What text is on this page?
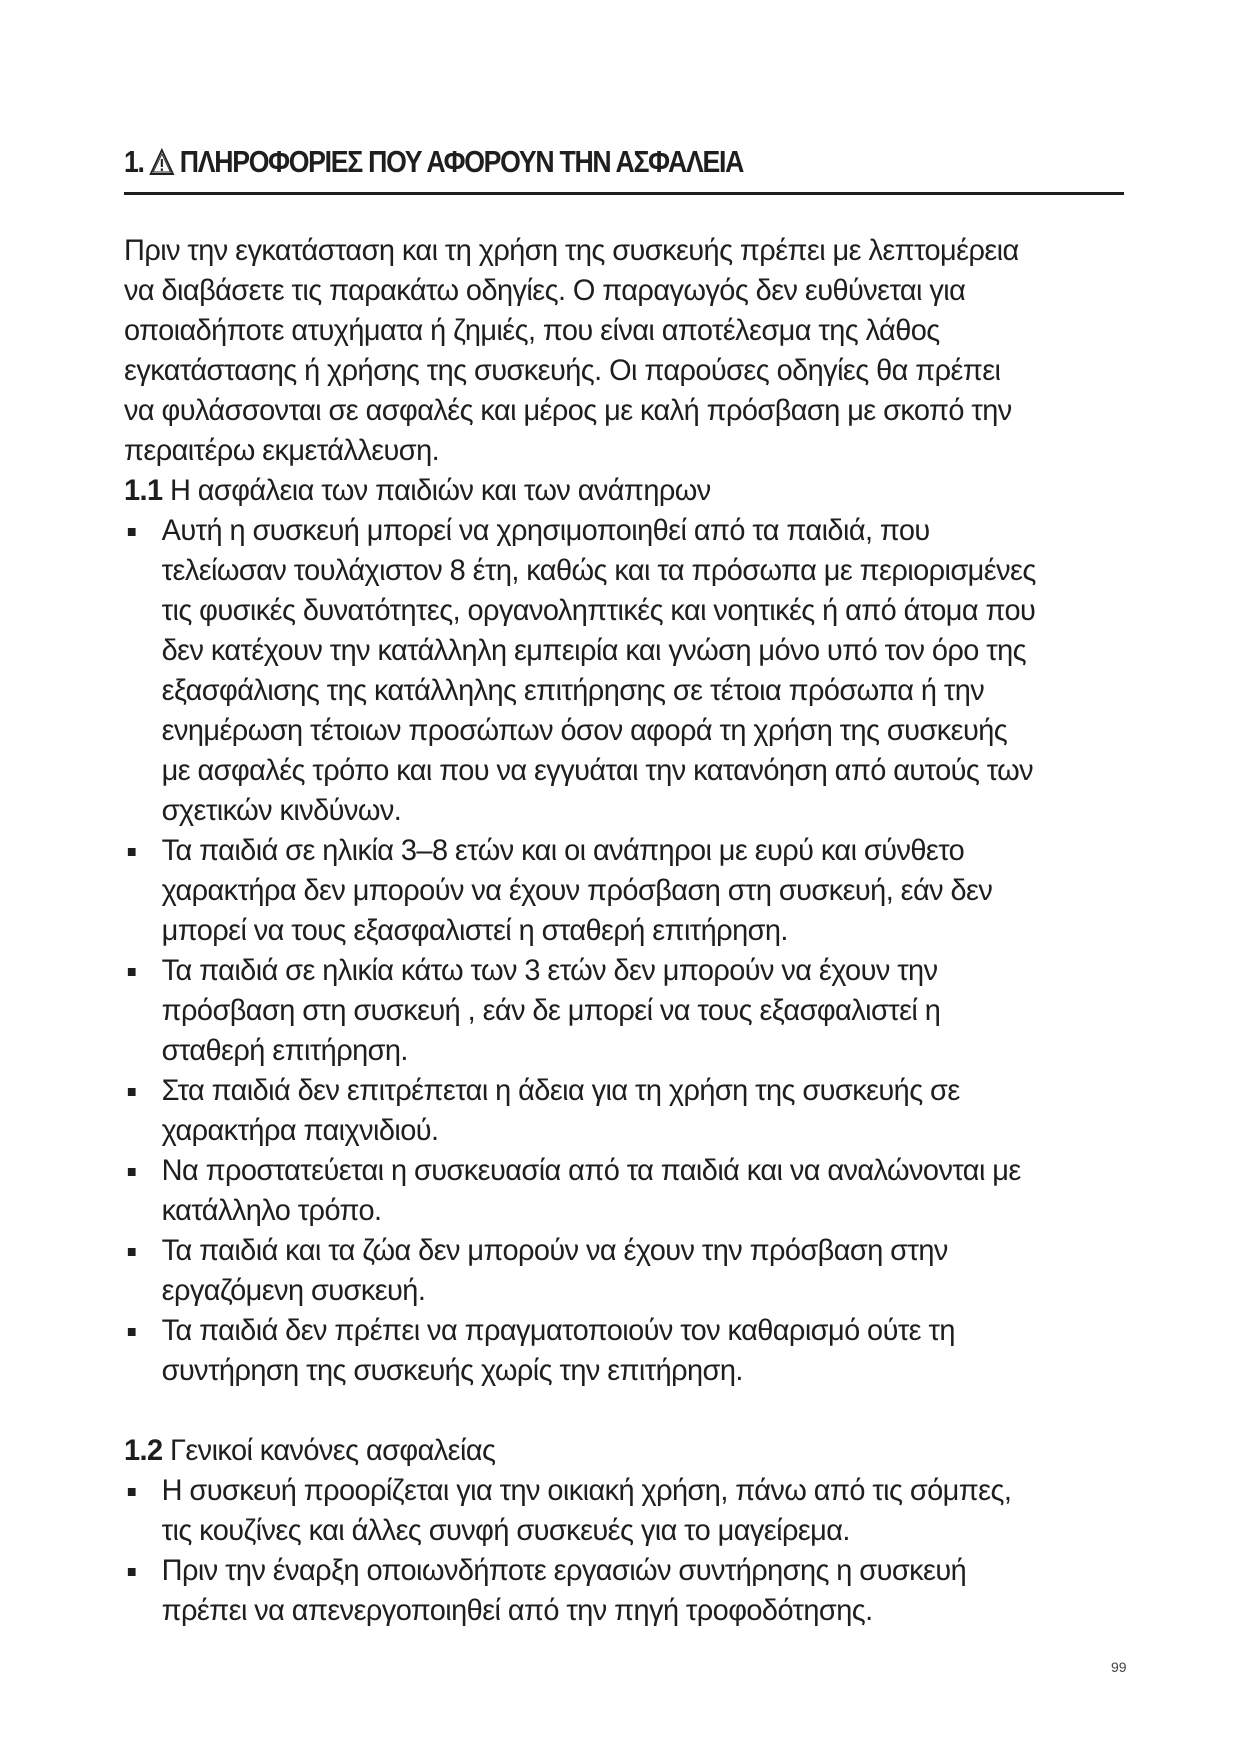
1. ΠΛΗΡΟΦΟΡΙΕΣ ΠΟΥ ΑΦΟΡΟΥΝ ΤΗΝ ΑΣΦΑΛΕΙΑ
Πριν την εγκατάσταση και τη χρήση της συσκευής πρέπει με λεπτομέρεια
να διαβάσετε τις παρακάτω οδηγίες. Ο παραγωγός δεν ευθύνεται για
οποιαδήποτε ατυχήματα ή ζημιές, που είναι αποτέλεσμα της λάθος
εγκατάστασης ή χρήσης της συσκευής. Οι παρούσες οδηγίες θα πρέπει
να φυλάσσονται σε ασφαλές και μέρος με καλή πρόσβαση με σκοπό την
περαιτέρω εκμετάλλευση.
1.1 Η ασφάλεια των παιδιών και των ανάπηρων
Αυτή η συσκευή μπορεί να χρησιμοποιηθεί από τα παιδιά, που
τελείωσαν τουλάχιστον 8 έτη, καθώς και τα πρόσωπα με περιορισμένες
τις φυσικές δυνατότητες, οργανοληπτικές και νοητικές ή από άτομα που
δεν κατέχουν την κατάλληλη εμπειρία και γνώση μόνο υπό τον όρο της
εξασφάλισης της κατάλληλης επιτήρησης σε τέτοια πρόσωπα ή την
ενημέρωση τέτοιων προσώπων όσον αφορά τη χρήση της συσκευής
με ασφαλές τρόπο και που να εγγυάται την κατανόηση από αυτούς των
σχετικών κινδύνων.
Τα παιδιά σε ηλικία 3–8 ετών και οι ανάπηροι με ευρύ και σύνθετο
χαρακτήρα δεν μπορούν να έχουν πρόσβαση στη συσκευή, εάν δεν
μπορεί να τους εξασφαλιστεί η σταθερή επιτήρηση.
Τα παιδιά σε ηλικία κάτω των 3 ετών δεν μπορούν να έχουν την
πρόσβαση στη συσκευή , εάν δε μπορεί να τους εξασφαλιστεί η
σταθερή επιτήρηση.
Στα παιδιά δεν επιτρέπεται η άδεια για τη χρήση της συσκευής σε
χαρακτήρα παιχνιδιού.
Να προστατεύεται η συσκευασία από τα παιδιά και να αναλώνονται με
κατάλληλο τρόπο.
Τα παιδιά και τα ζώα δεν μπορούν να έχουν την πρόσβαση στην
εργαζόμενη συσκευή.
Τα παιδιά δεν πρέπει να πραγματοποιούν τον καθαρισμό ούτε τη
συντήρηση της συσκευής χωρίς την επιτήρηση.
1.2 Γενικοί κανόνες ασφαλείας
Η συσκευή προορίζεται για την οικιακή χρήση, πάνω από τις σόμπες,
τις κουζίνες και άλλες συνφή συσκευές για το μαγείρεμα.
Πριν την έναρξη οποιωνδήποτε εργασιών συντήρησης η συσκευή
πρέπει να απενεργοποιηθεί από την πηγή τροφοδότησης.
99
